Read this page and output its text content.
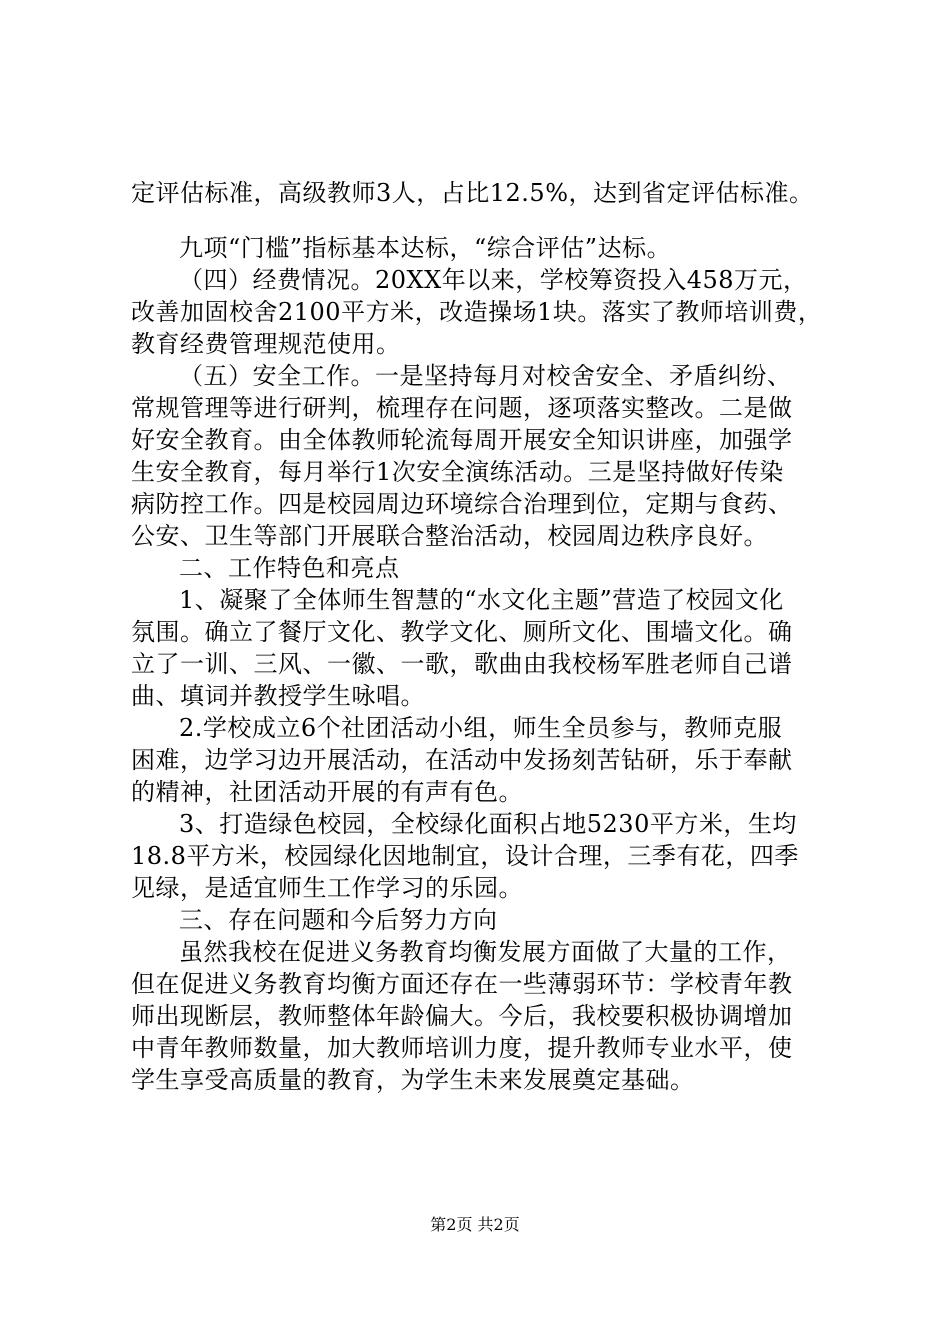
定评估标准，高级教师3人，占比12.5%，达到省定评估标准。
九项“门槛”指标基本达标，“综合评估”达标。
（四）经费情况。20XX年以来，学校筹资投入458万元，
改善加固校舍2100平方米，改造操场1块。落实了教师培训费，
教育经费管理规范使用。
（五）安全工作。一是坚持每月对校舍安全、矛盾纠纷、
常规管理等进行研判，梳理存在问题，逐项落实整改。二是做
好安全教育。由全体教师轮流每周开展安全知识讲座，加强学
生安全教育，每月举行1次安全演练活动。三是坚持做好传染
病防控工作。四是校园周边环境综合治理到位，定期与食药、
公安、卫生等部门开展联合整治活动，校园周边秩序良好。
二、工作特色和亮点
1、凝聚了全体师生智慧的“水文化主题”营造了校园文化
氛围。确立了餐厅文化、教学文化、厕所文化、围墙文化。确
立了一训、三风、一徽、一歌，歌曲由我校杨军胜老师自己谱
曲、填词并教授学生咏唱。
2.学校成立6个社团活动小组，师生全员参与，教师克服
困难，边学习边开展活动，在活动中发扬刻苦钻研，乐于奉献
的精神，社团活动开展的有声有色。
3、打造绿色校园，全校绿化面积占地5230平方米，生均
18.8平方米，校园绿化因地制宜，设计合理，三季有花，四季
见绿，是适宜师生工作学习的乐园。
三、存在问题和今后努力方向
虽然我校在促进义务教育均衡发展方面做了大量的工作，
但在促进义务教育均衡方面还存在一些薄弱环节：学校青年教
师出现断层，教师整体年龄偏大。今后，我校要积极协调增加
中青年教师数量，加大教师培训力度，提升教师专业水平，使
学生享受高质量的教育，为学生未来发展奠定基础。
第2页 共2页
